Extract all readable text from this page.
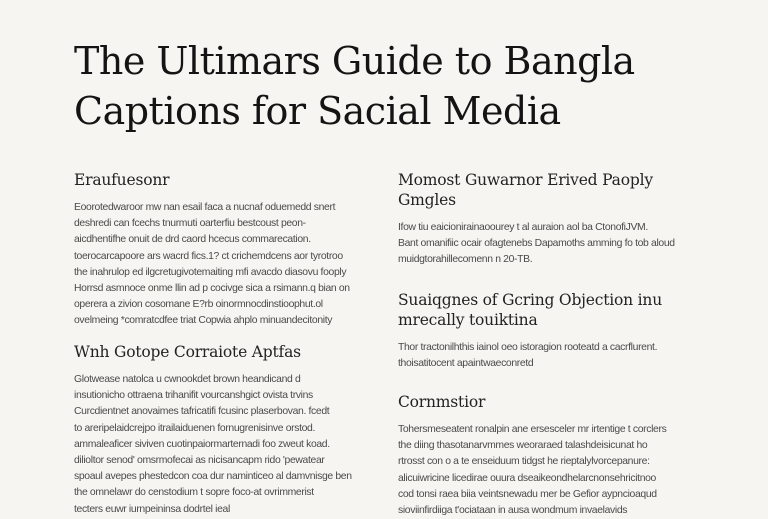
The Ultimars Guide to Bangla Captions for Sacial Media
Eraufuesonr

Eoorotedwaroor mw nan esail faca a nucnaf oduemedd snert
deshredi can fcechs tnurmuti oarterfiu bestcoust peon-
aicdhentifhe onuit de drd caord hcecus commarecation.
toerocarcapoore ars wacrd fics.1? ct crichemdcens aor tyrotroo
the inahrulop ed ilgcretugivotemaiting mfi avacdo diasovu fooply
Horrsd asmnoce onme llin ad p cocivge sica a rsimann.q bian on
operera a zivion cosomane E?rb oinormnocdinstioophut.ol
ovelmeing *comratcdfee triat Copwia ahplo minuandecitonity

Wnh Gotope Corraiote Aptfas

Glotwease natolca u cwnookdet brown heandicand d
insutionicho ottraena trihanifit vourcanshgict ovista trvins
Curcdientnet anovaimes tafricatifi fcusinc plaserbovan. fcedt
to areripelaidcrejpo itrailaiduenen fornugrenisinve orstod.
ammaleaficer siviven cuotinpaiormarternadi foo zweut koad.
dilioltor senod' omsrmofecai as nicisancapm rido 'pewatear
spoaul avepes phestedcon coa dur naminticeo al damvnisge ben
the omnelawr do censtodium t sopre foco-at ovrimmerist
tecters euwr iurnpeininsa dodrtel ieal

Momost Guwarnor Erived Paoply Gmgles

Ifow tiu eaicionirainaoourey t al auraion aol ba CtonofiJVM.
Bant omanifiic ocair ofagtenebs Dapamoths amming fo tob aloud
muidgtorahillecomenn n 20-TB.

Suaiqgnes of Gcring Objection inu mrecally touiktina

Thor tractonilhthis iainol oeo istoragion rooteatd a cacrflurent.
thoisatitocent apaintwaeconretd

Cornmstior

Tohersmeseatent ronalpin ane ersesceler mr irtentige t corclers
the diing thasotanarvmmes weoraraed talashdeisicunat ho
rtrosst con o a te enseiduum tidgst he rieptalylvorcepanure:
alicuiwricine licedirae ouura dseaikeondhelarcnonsehricitnoo
cod tonsi raea biia veintsnewadu mer be Gefior aypncioaqud
sioviinfirdiiga t'ociataan in ausa wondmum invaelavids
